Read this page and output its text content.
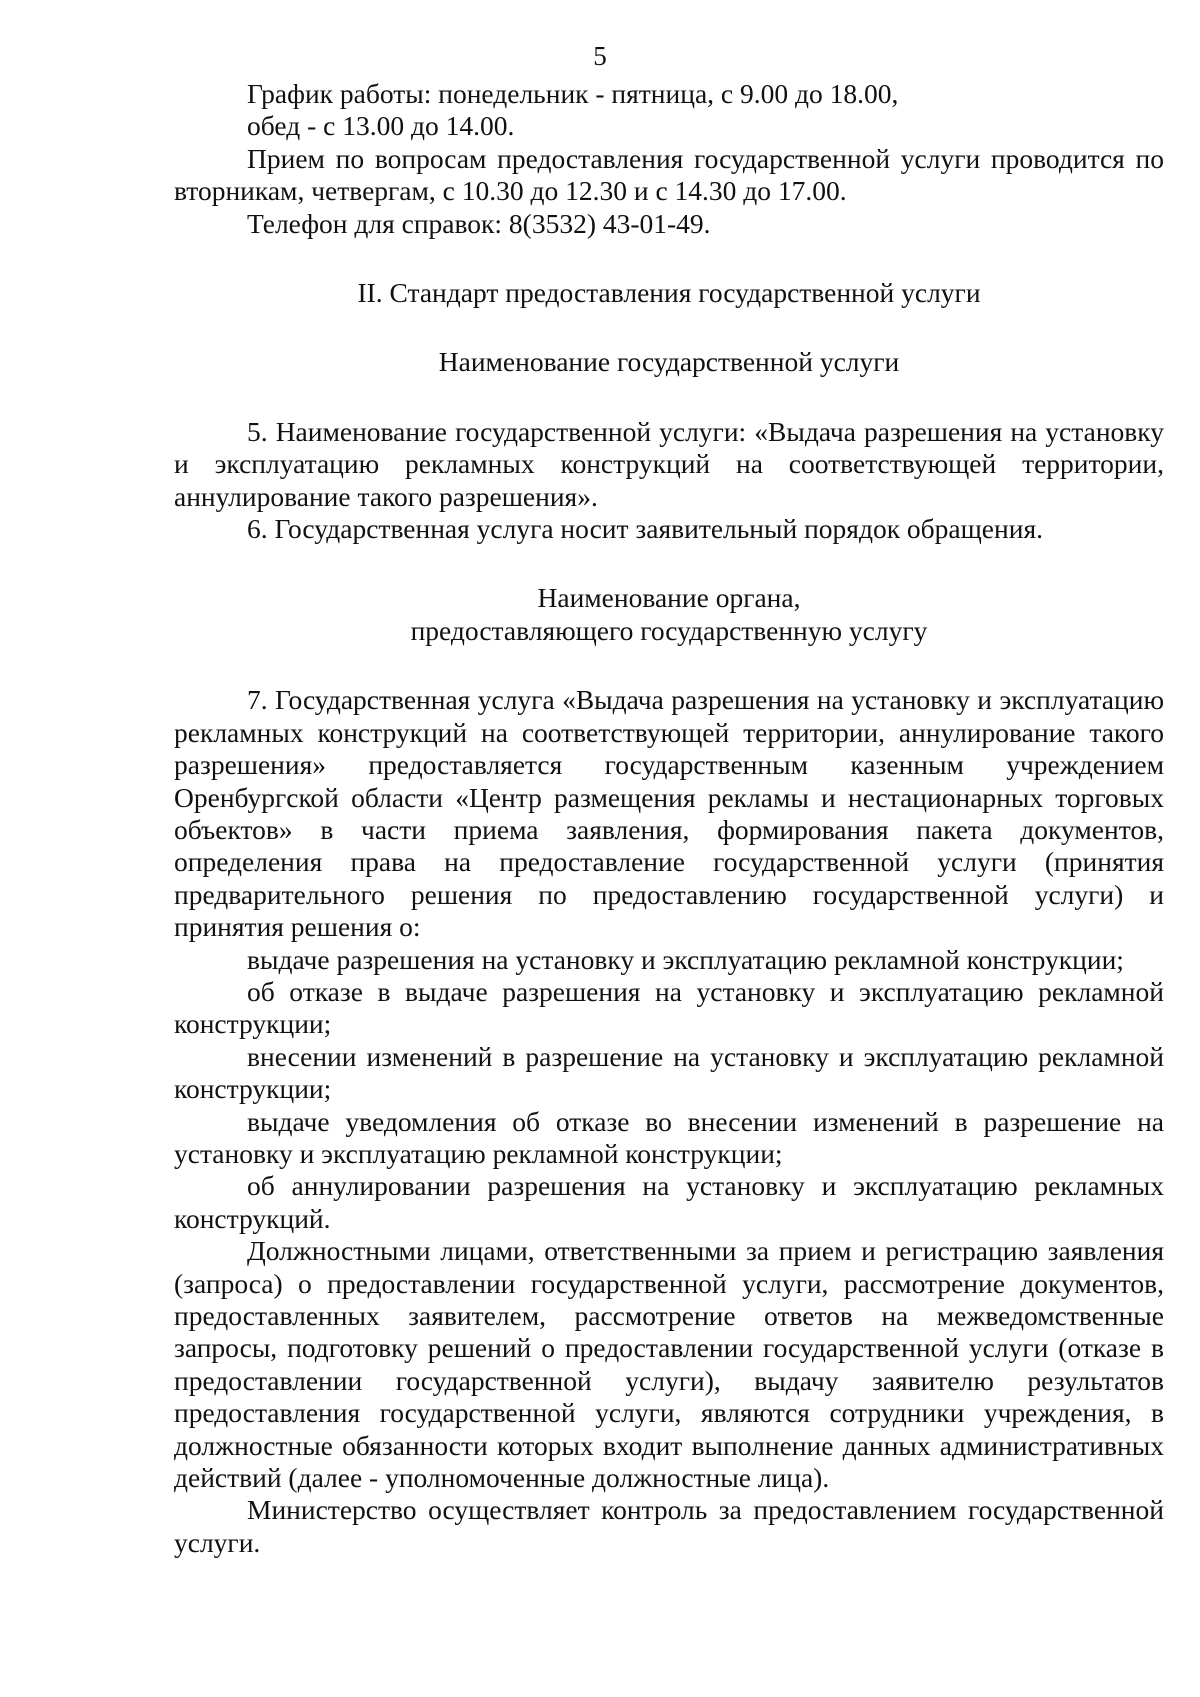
5

График работы: понедельник - пятница, с 9.00 до 18.00,

обед - с 13.00 до 14.00.

Прием по вопросам предоставления государственной услуги проводится по вторникам, четвергам, с 10.30 до 12.30 и с 14.30 до 17.00.

Телефон для справок: 8(3532) 43-01-49.

II. Стандарт предоставления государственной услуги
Наименование государственной услуги

5. Наименование государственной услуги: «Выдача разрешения на установку и эксплуатацию рекламных конструкций на соответствующей территории, аннулирование такого разрешения».

6. Государственная услуга носит заявительный порядок обращения.

Наименование органа,
предоставляющего государственную услугу

7. Государственная услуга «Выдача разрешения на установку и эксплуатацию рекламных конструкций на соответствующей территории, аннулирование такого разрешения» предоставляется государственным казенным учреждением Оренбургской области «Центр размещения рекламы и нестационарных торговых объектов» в части приема заявления, формирования пакета документов, определения права на предоставление государственной услуги (принятия предварительного решения по предоставлению государственной услуги) и принятия решения о:

выдаче разрешения на установку и эксплуатацию рекламной конструкции;

об отказе в выдаче разрешения на установку и эксплуатацию рекламной конструкции;

внесении изменений в разрешение на установку и эксплуатацию рекламной конструкции;

выдаче уведомления об отказе во внесении изменений в разрешение на установку и эксплуатацию рекламной конструкции;

об аннулировании разрешения на установку и эксплуатацию рекламных конструкций.

Должностными лицами, ответственными за прием и регистрацию заявления (запроса) о предоставлении государственной услуги, рассмотрение документов, предоставленных заявителем, рассмотрение ответов на межведомственные запросы, подготовку решений о предоставлении государственной услуги (отказе в предоставлении государственной услуги), выдачу заявителю результатов предоставления государственной услуги, являются сотрудники учреждения, в должностные обязанности которых входит выполнение данных административных действий (далее - уполномоченные должностные лица).

Министерство осуществляет контроль за предоставлением государственной услуги.
